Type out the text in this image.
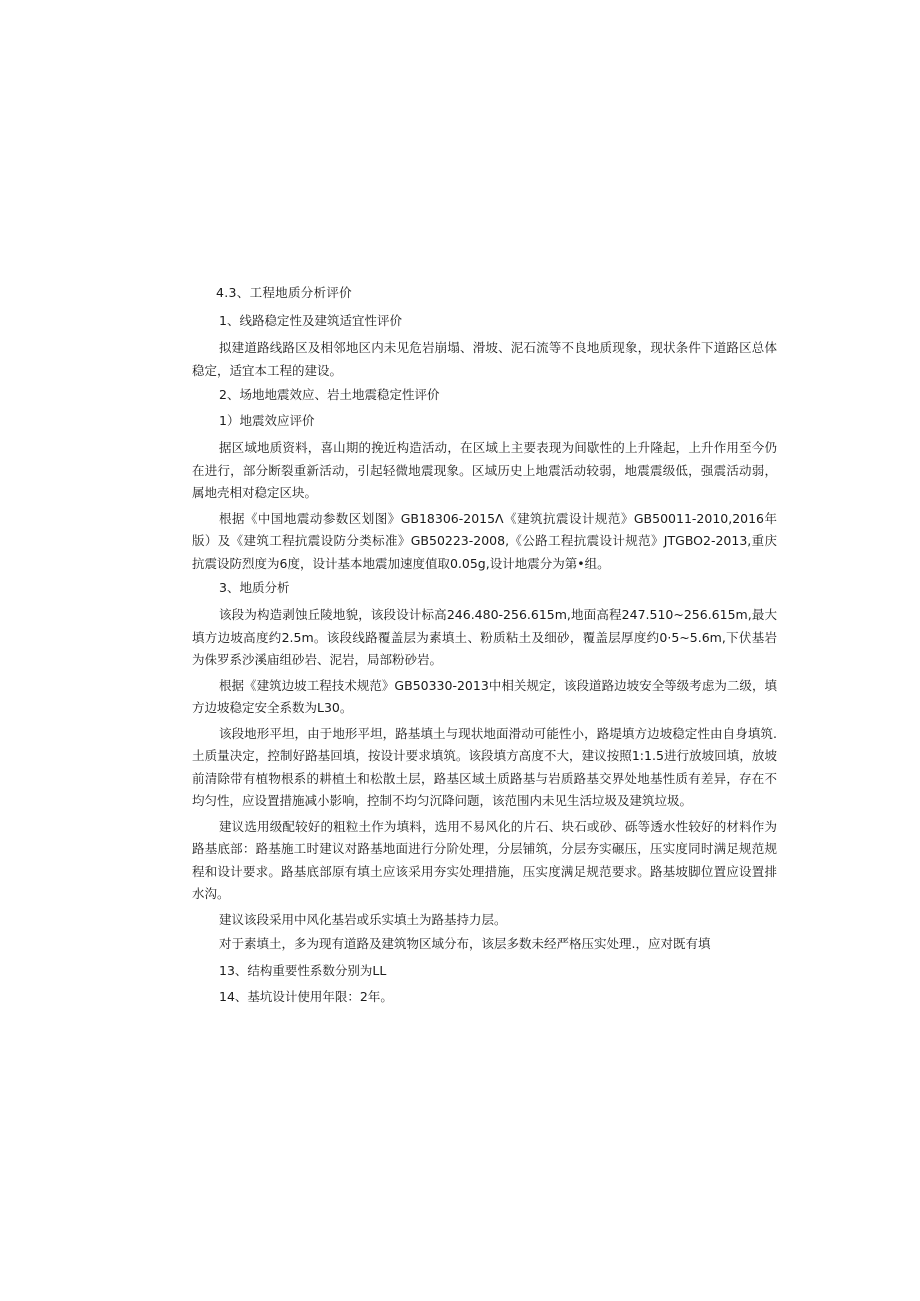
4.3、工程地质分析评价
1、线路稳定性及建筑适宜性评价
拟建道路线路区及相邻地区内未见危岩崩塌、滑坡、泥石流等不良地质现象，现状条件下道路区总体稳定，适宜本工程的建设。
2、场地地震效应、岩土地震稳定性评价
1）地震效应评价
据区域地质资料，喜山期的挽近构造活动，在区域上主要表现为间歇性的上升隆起，上升作用至今仍在进行，部分断裂重新活动，引起轻微地震现象。区域历史上地震活动较弱，地震震级低，强震活动弱，属地壳相对稳定区块。
根据《中国地震动参数区划图》GB18306-2015Λ《建筑抗震设计规范》GB50011-2010,2016年版）及《建筑工程抗震设防分类标准》GB50223-2008,《公路工程抗震设计规范》JTGBO2-2013,重庆抗震设防烈度为6度，设计基本地震加速度值取0.05g,设计地震分为第•组。
3、地质分析
该段为构造剥蚀丘陵地貌，该段设计标高246.480-256.615m,地面高程247.510~256.615m,最大填方边坡高度约2.5m。该段线路覆盖层为素填土、粉质粘土及细砂，覆盖层厚度约0·5~5.6m,下伏基岩为侏罗系沙溪庙组砂岩、泥岩，局部粉砂岩。
根据《建筑边坡工程技术规范》GB50330-2013中相关规定，该段道路边坡安全等级考虑为二级，填方边坡稳定安全系数为L30。
该段地形平坦，由于地形平坦，路基填土与现状地面滑动可能性小，路堤填方边坡稳定性由自身填筑.土质量决定，控制好路基回填，按设计要求填筑。该段填方高度不大，建议按照1:1.5进行放坡回填，放坡前清除带有植物根系的耕植土和松散土层，路基区域土质路基与岩质路基交界处地基性质有差异，存在不均匀性，应设置措施减小影响，控制不均匀沉降问题，该范围内未见生活垃圾及建筑垃圾。
建议选用级配较好的粗粒土作为填料，选用不易风化的片石、块石或砂、砾等透水性较好的材料作为路基底部：路基施工时建议对路基地面进行分阶处理，分层铺筑，分层夯实碾压，压实度同时满足规范规程和设计要求。路基底部原有填土应该采用夯实处理措施，压实度满足规范要求。路基坡脚位置应设置排水沟。
建议该段采用中风化基岩或乐实填土为路基持力层。
对于素填土，多为现有道路及建筑物区域分布，该层多数未经严格压实处理.，应对既有填
13、结构重要性系数分别为LL
14、基坑设计使用年限：2年。
